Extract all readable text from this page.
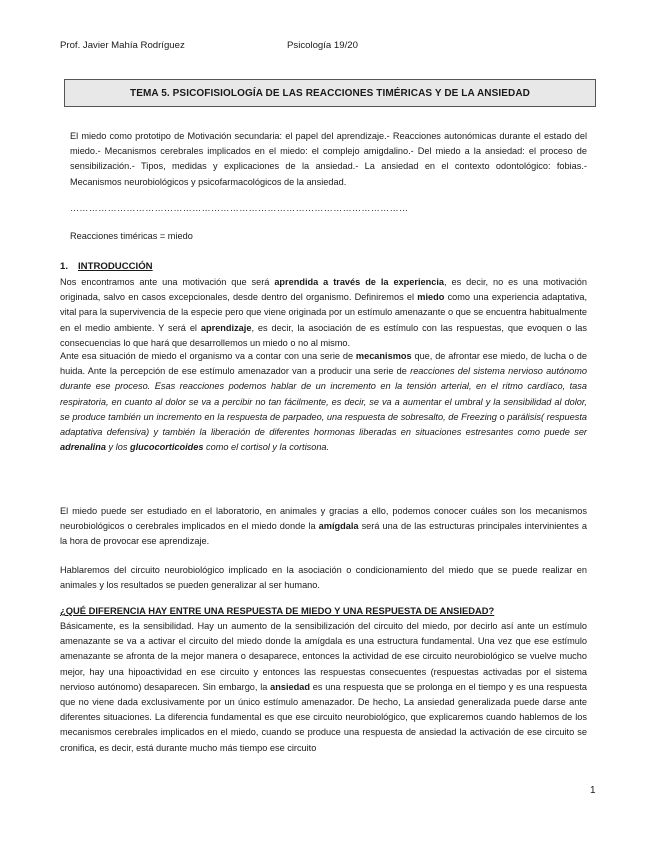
Prof. Javier Mahía Rodríguez	Psicología 19/20
TEMA 5. PSICOFISIOLOGÍA DE LAS REACCIONES TIMÉRICAS Y DE LA ANSIEDAD
El miedo como prototipo de Motivación secundaria: el papel del aprendizaje.- Reacciones autonómicas durante el estado del miedo.- Mecanismos cerebrales implicados en el miedo: el complejo amigdalino.- Del miedo a la ansiedad: el proceso de sensibilización.- Tipos, medidas y explicaciones de la ansiedad.- La ansiedad en el contexto odontológico: fobias.- Mecanismos neurobiológicos y psicofarmacológicos de la ansiedad.
………………………………………………………………………………………………
Reacciones timéricas = miedo
1. INTRODUCCIÓN
Nos encontramos ante una motivación que será aprendida a través de la experiencia, es decir, no es una motivación originada, salvo en casos excepcionales, desde dentro del organismo. Definiremos el miedo como una experiencia adaptativa, vital para la supervivencia de la especie pero que viene originada por un estímulo amenazante o que se encuentra habitualmente en el medio ambiente. Y será el aprendizaje, es decir, la asociación de es estímulo con las respuestas, que evoquen o las consecuencias lo que hará que desarrollemos un miedo o no al mismo.
Ante esa situación de miedo el organismo va a contar con una serie de mecanismos que, de afrontar ese miedo, de lucha o de huida. Ante la percepción de ese estímulo amenazador van a producir una serie de reacciones del sistema nervioso autónomo durante ese proceso. Esas reacciones podemos hablar de un incremento en la tensión arterial, en el ritmo cardíaco, tasa respiratoria, en cuanto al dolor se va a percibir no tan fácilmente, es decir, se va a aumentar el umbral y la sensibilidad al dolor, se produce también un incremento en la respuesta de parpadeo, una respuesta de sobresalto, de Freezing o parálisis( respuesta adaptativa defensiva) y también la liberación de diferentes hormonas liberadas en situaciones estresantes como puede ser adrenalina y los glucocorticoides como el cortisol y la cortisona.
El miedo puede ser estudiado en el laboratorio, en animales y gracias a ello, podemos conocer cuáles son los mecanismos neurobiológicos o cerebrales implicados en el miedo donde la amígdala será una de las estructuras principales intervinientes a la hora de provocar ese aprendizaje.
Hablaremos del circuito neurobiológico implicado en la asociación o condicionamiento del miedo que se puede realizar en animales y los resultados se pueden generalizar al ser humano.
¿QUÉ DIFERENCIA HAY ENTRE UNA RESPUESTA DE MIEDO Y UNA RESPUESTA DE ANSIEDAD?
Básicamente, es la sensibilidad. Hay un aumento de la sensibilización del circuito del miedo, por decirlo así ante un estímulo amenazante se va a activar el circuito del miedo donde la amígdala es una estructura fundamental. Una vez que ese estímulo amenazante se afronta de la mejor manera o desaparece, entonces la actividad de ese circuito neurobiológico se vuelve mucho mejor, hay una hipoactividad en ese circuito y entonces las respuestas consecuentes (respuestas activadas por el sistema nervioso autónomo) desaparecen. Sin embargo, la ansiedad es una respuesta que se prolonga en el tiempo y es una respuesta que no viene dada exclusivamente por un único estímulo amenazador. De hecho, La ansiedad generalizada puede darse ante diferentes situaciones. La diferencia fundamental es que ese circuito neurobiológico, que explicaremos cuando hablemos de los mecanismos cerebrales implicados en el miedo, cuando se produce una respuesta de ansiedad la activación de ese circuito se cronifica, es decir, está durante mucho más tiempo ese circuito
1
